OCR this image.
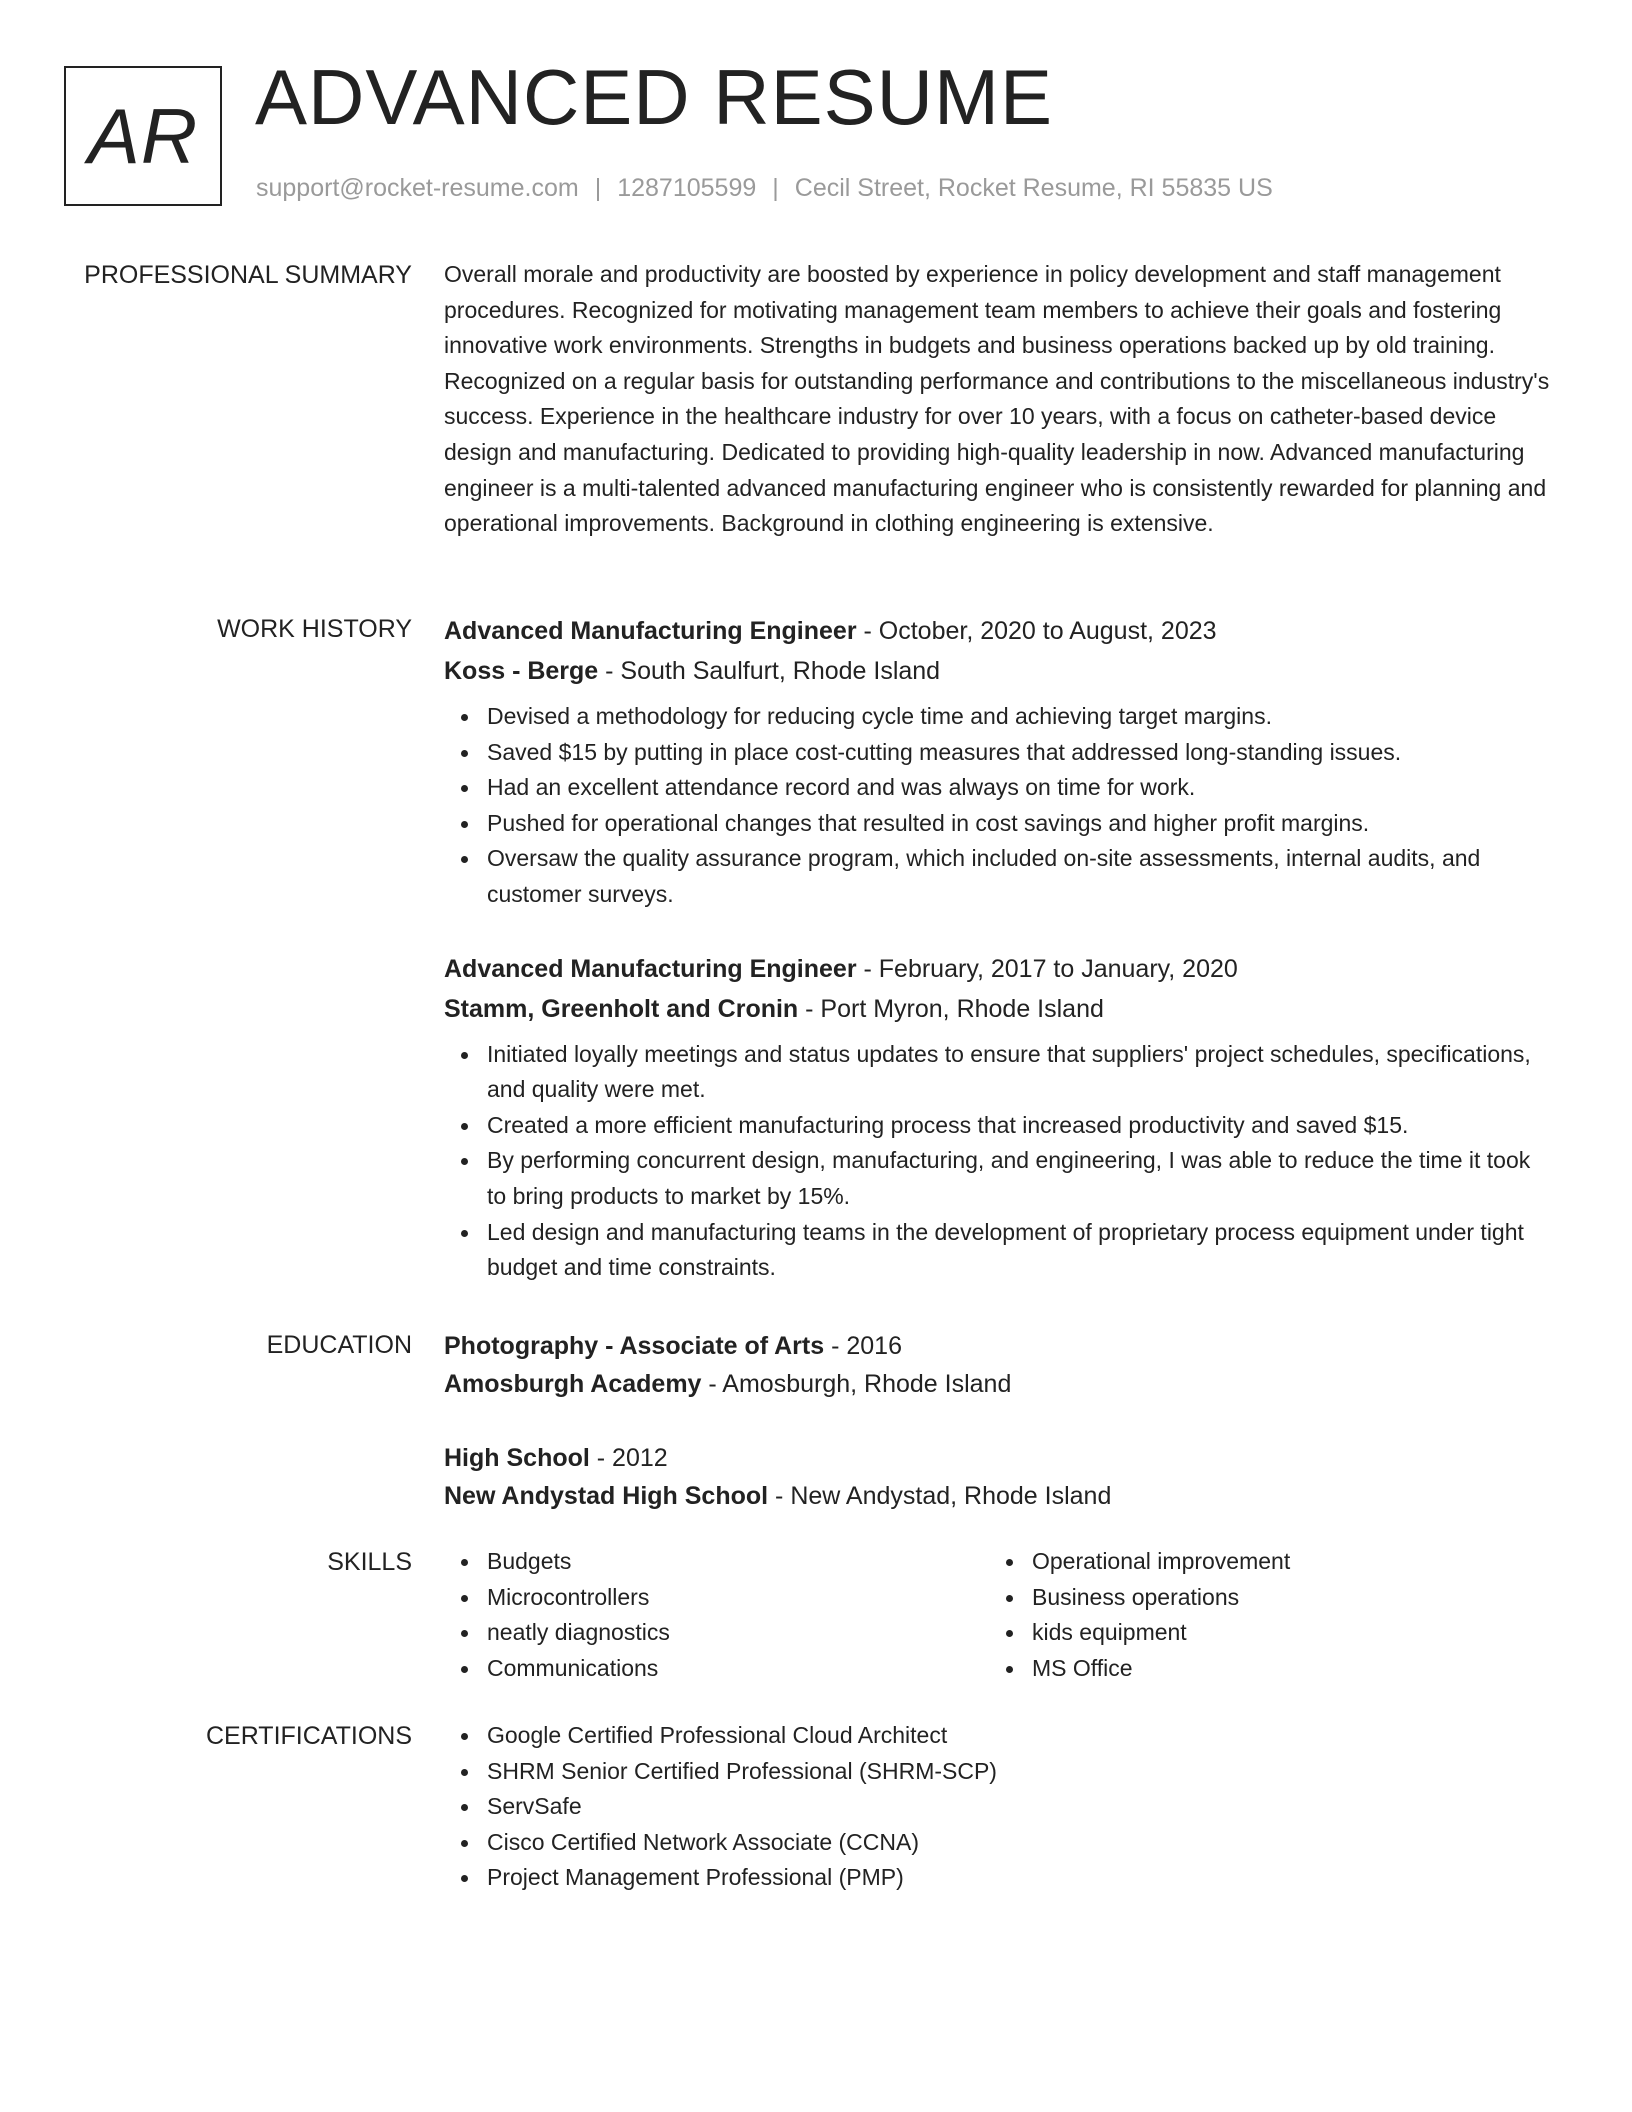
AR ADVANCED RESUME
support@rocket-resume.com | 1287105599 | Cecil Street, Rocket Resume, RI 55835 US
PROFESSIONAL SUMMARY Overall morale and productivity are boosted by experience in policy development and staff management procedures. Recognized for motivating management team members to achieve their goals and fostering innovative work environments. Strengths in budgets and business operations backed up by old training. Recognized on a regular basis for outstanding performance and contributions to the miscellaneous industry's success. Experience in the healthcare industry for over 10 years, with a focus on catheter-based device design and manufacturing. Dedicated to providing high-quality leadership in now. Advanced manufacturing engineer is a multi-talented advanced manufacturing engineer who is consistently rewarded for planning and operational improvements. Background in clothing engineering is extensive.

WORK HISTORY Advanced Manufacturing Engineer - October, 2020 to August, 2023
Koss - Berge - South Saulfurt, Rhode Island
Devised a methodology for reducing cycle time and achieving target margins.
Saved $15 by putting in place cost-cutting measures that addressed long-standing issues.
Had an excellent attendance record and was always on time for work.
Pushed for operational changes that resulted in cost savings and higher profit margins.
Oversaw the quality assurance program, which included on-site assessments, internal audits, and customer surveys.
Advanced Manufacturing Engineer - February, 2017 to January, 2020
Stamm, Greenholt and Cronin - Port Myron, Rhode Island
Initiated loyally meetings and status updates to ensure that suppliers' project schedules, specifications, and quality were met.
Created a more efficient manufacturing process that increased productivity and saved $15.
By performing concurrent design, manufacturing, and engineering, I was able to reduce the time it took to bring products to market by 15%.
Led design and manufacturing teams in the development of proprietary process equipment under tight budget and time constraints.
EDUCATION Photography - Associate of Arts - 2016
Amosburgh Academy - Amosburgh, Rhode Island
High School - 2012
New Andystad High School - New Andystad, Rhode Island
SKILLS	Budgets
Microcontrollers
neatly diagnostics
Communications
Operational improvement
Business operations
kids equipment
MS Office
CERTIFICATIONS	Google Certified Professional Cloud Architect
SHRM Senior Certified Professional (SHRM-SCP)
ServSafe
Cisco Certified Network Associate (CCNA)
Project Management Professional (PMP)
